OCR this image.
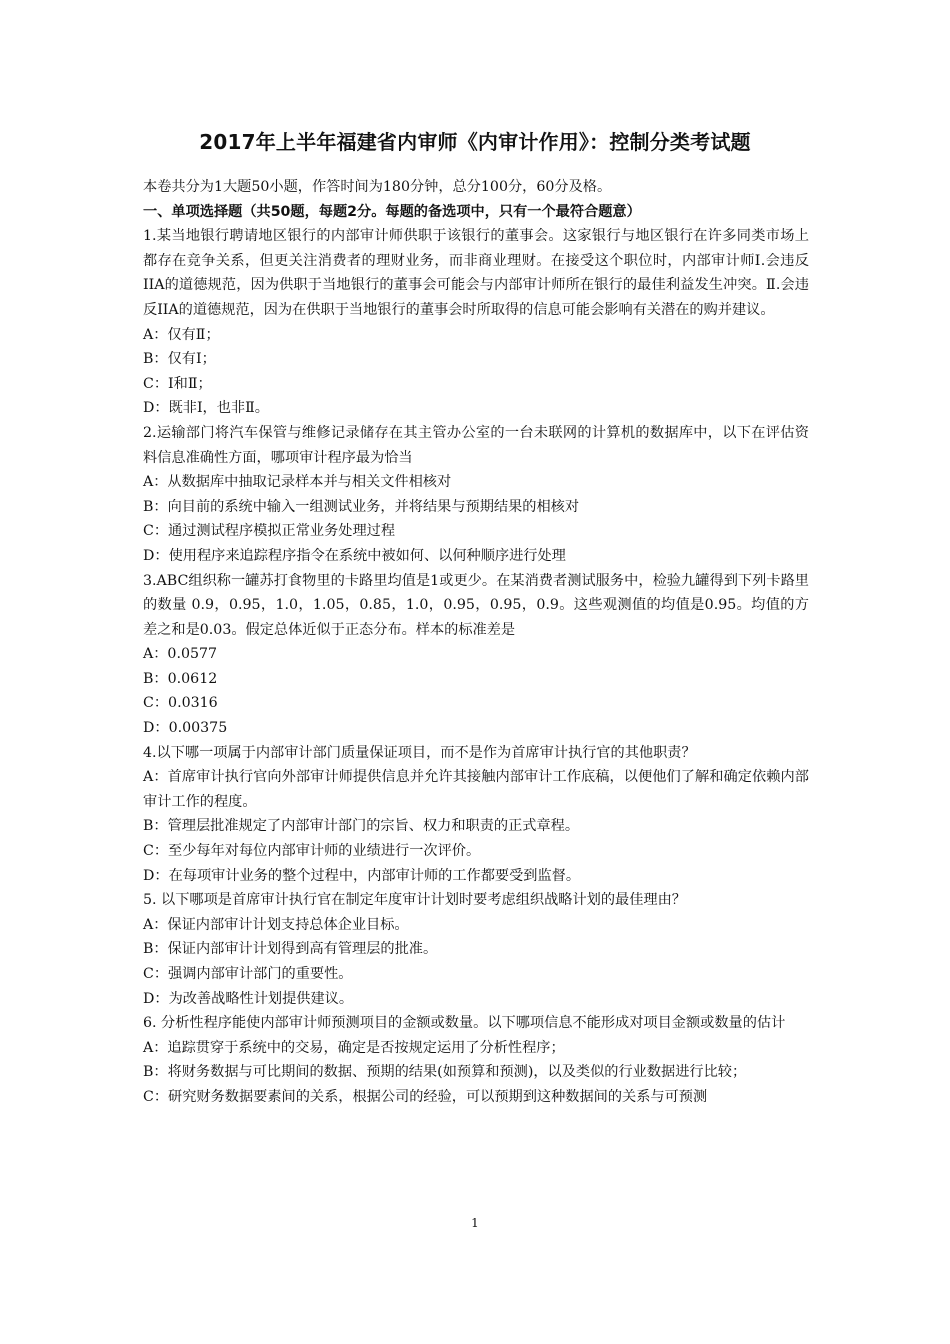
2017年上半年福建省内审师《内审计作用》：控制分类考试题

本卷共分为1大题50小题，作答时间为180分钟，总分100分，60分及格。

一、单项选择题（共50题，每题2分。每题的备选项中，只有一个最符合题意）

1.某当地银行聘请地区银行的内部审计师供职于该银行的董事会。这家银行与地区银行在许多同类市场上都存在竞争关系，但更关注消费者的理财业务，而非商业理财。在接受这个职位时，内部审计师Ⅰ.会违反IIA的道德规范，因为供职于当地银行的董事会可能会与内部审计师所在银行的最佳利益发生冲突。Ⅱ.会违反IIA的道德规范，因为在供职于当地银行的董事会时所取得的信息可能会影响有关潜在的购并建议。

A：仅有Ⅱ；

B：仅有Ⅰ；

C：Ⅰ和Ⅱ；

D：既非Ⅰ，也非Ⅱ。

2.运输部门将汽车保管与维修记录储存在其主管办公室的一台未联网的计算机的数据库中，以下在评估资料信息准确性方面，哪项审计程序最为恰当

A：从数据库中抽取记录样本并与相关文件相核对

B：向目前的系统中输入一组测试业务，并将结果与预期结果的相核对

C：通过测试程序模拟正常业务处理过程

D：使用程序来追踪程序指令在系统中被如何、以何种顺序进行处理

3.ABC组织称一罐苏打食物里的卡路里均值是1或更少。在某消费者测试服务中，检验九罐得到下列卡路里的数量 0.9，0.95，1.0，1.05，0.85，1.0，0.95，0.95，0.9。这些观测值的均值是0.95。均值的方差之和是0.03。假定总体近似于正态分布。样本的标准差是

A：0.0577

B：0.0612

C：0.0316

D：0.00375

4.以下哪一项属于内部审计部门质量保证项目，而不是作为首席审计执行官的其他职责？

A：首席审计执行官向外部审计师提供信息并允许其接触内部审计工作底稿，以便他们了解和确定依赖内部审计工作的程度。

B：管理层批准规定了内部审计部门的宗旨、权力和职责的正式章程。

C：至少每年对每位内部审计师的业绩进行一次评价。

D：在每项审计业务的整个过程中，内部审计师的工作都要受到监督。

5. 以下哪项是首席审计执行官在制定年度审计计划时要考虑组织战略计划的最佳理由？

A：保证内部审计计划支持总体企业目标。

B：保证内部审计计划得到高有管理层的批准。

C：强调内部审计部门的重要性。

D：为改善战略性计划提供建议。

6. 分析性程序能使内部审计师预测项目的金额或数量。以下哪项信息不能形成对项目金额或数量的估计

A：追踪贯穿于系统中的交易，确定是否按规定运用了分析性程序；

B：将财务数据与可比期间的数据、预期的结果(如预算和预测)，以及类似的行业数据进行比较；

C：研究财务数据要素间的关系，根据公司的经验，可以预期到这种数据间的关系与可预测

1
